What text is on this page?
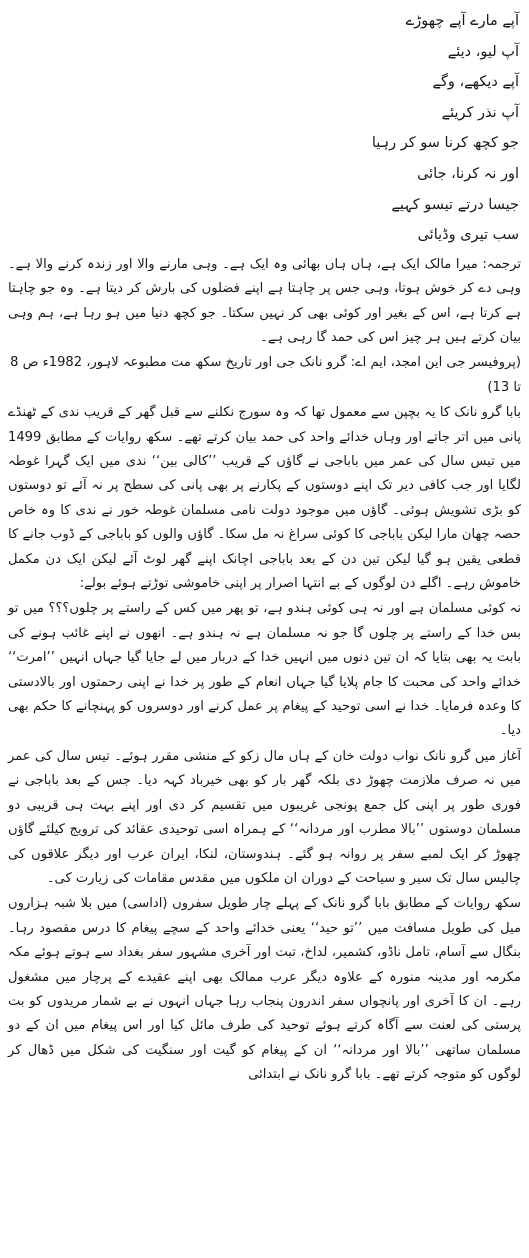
آپے مارے آپے چھوڑے
آپ لیو، دیئے
آپے دیکھے، وگے
آپ نذر کریئے
جو کچھ کرنا سو کر رہیا
اور نہ کرنا، جائی
جیسا درتے تیسو کہیے
سب تیری وڈیائی

ترجمہ: میرا مالک ایک ہے، ہاں ہاں بھائی وہ ایک ہے۔ وہی مارنے والا اور زندہ کرنے والا ہے۔ وہی دے کر خوش ہوتا، وہی جس پر چاہتا ہے اپنے فضلوں کی بارش کر دیتا ہے۔ وہ جو چاہتا ہے کرتا ہے، اس کے بغیر اور کوئی بھی کر نہیں سکتا۔ جو کچھ دنیا میں ہو رہا ہے، ہم وہی بیان کرتے ہیں ہر چیز اس کی حمد گا رہی ہے۔

(پروفیسر جی این امجد، ایم اے: گرو نانک جی اور تاریخ سکھ مت مطبوعہ لاہور، 1982ء ص 8 تا 13)

بابا گرو نانک کا یہ بچپن سے معمول تھا کہ وہ سورج نکلنے سے قبل گھر کے قریب ندی کے ٹھنڈے پانی میں اتر جاتے اور وہاں خدائے واحد کی حمد بیان کرتے تھے۔ سکھ روایات کے مطابق 1499 میں تیس سال کی عمر میں باباجی نے گاؤں کے قریب ’’کالی بین‘‘ ندی میں ایک گہرا غوطہ لگایا اور جب کافی دیر تک اپنے دوستوں کے پکارنے پر بھی پانی کی سطح پر نہ آئے تو دوستوں کو بڑی تشویش ہوئی۔ گاؤں میں موجود دولت نامی مسلمان غوطہ خور نے ندی کا وہ خاص حصہ چھان مارا لیکن باباجی کا کوئی سراغ نہ مل سکا۔ گاؤں والوں کو باباجی کے ڈوب جانے کا قطعی یقین ہو گیا لیکن تین دن کے بعد باباجی اچانک اپنے گھر لوٹ آئے لیکن ایک دن مکمل خاموش رہے۔ اگلے دن لوگوں کے بے انتہا اصرار پر اپنی خاموشی توڑتے ہوئے بولے:

نہ کوئی مسلمان ہے اور نہ ہی کوئی ہندو ہے، تو پھر میں کس کے راستے پر چلوں؟؟؟ میں تو بس خدا کے راستے پر چلوں گا جو نہ مسلمان ہے نہ ہندو ہے۔ انھوں نے اپنے غائب ہونے کی بابت یہ بھی بتایا کہ ان تین دنوں میں انہیں خدا کے دربار میں لے جایا گیا جہاں انہیں ’’امرت‘‘ خدائے واحد کی محبت کا جام پلایا گیا جہاں انعام کے طور پر خدا نے اپنی رحمتوں اور بالادستی کا وعدہ فرمایا۔ خدا نے اسی توحید کے پیغام پر عمل کرنے اور دوسروں کو پہنچانے کا حکم بھی دیا۔

آغاز میں گرو نانک نواب دولت خان کے ہاں مال زکو کے منشی مقرر ہوئے۔ تیس سال کی عمر میں نہ صرف ملازمت چھوڑ دی بلکہ گھر بار کو بھی خیرباد کہہ دیا۔ جس کے بعد باباجی نے فوری طور پر اپنی کل جمع پونجی غریبوں میں تقسیم کر دی اور اپنے بہت ہی قریبی دو مسلمان دوستوں ’’بالا مطرب اور مردانہ‘‘ کے ہمراہ اسی توحیدی عقائد کی ترویج کیلئے گاؤں چھوڑ کر ایک لمبے سفر پر روانہ ہو گئے۔ ہندوستان، لنکا، ایران عرب اور دیگر علاقوں کی چالیس سال تک سیر و سیاحت کے دوران ان ملکوں میں مقدس مقامات کی زیارت کی۔

سکھ روایات کے مطابق بابا گرو نانک کے پہلے چار طویل سفروں (اداسی) میں بلا شبہ ہزاروں میل کی طویل مسافت میں ’’تو حید‘‘ یعنی خدائے واحد کے سچے پیغام کا درس مقصود رہا۔ بنگال سے آسام، تامل ناڈو، کشمیر، لداخ، تبت اور آخری مشہور سفر بغداد سے ہوتے ہوئے مکہ مکرمہ اور مدینہ منورہ کے علاوہ دیگر عرب ممالک بھی اپنے عقیدے کے پرچار میں مشغول رہے۔ ان کا آخری اور پانچواں سفر اندرون پنجاب رہا جہاں انہوں نے بے شمار مریدوں کو بت پرستی کی لعنت سے آگاہ کرتے ہوئے توحید کی طرف مائل کیا اور اس پیغام میں ان کے دو مسلمان ساتھی ’’بالا اور مردانہ‘‘ ان کے پیغام کو گیت اور سنگیت کی شکل میں ڈھال کر لوگوں کو متوجہ کرتے تھے۔ بابا گرو نانک نے ابتدائی
